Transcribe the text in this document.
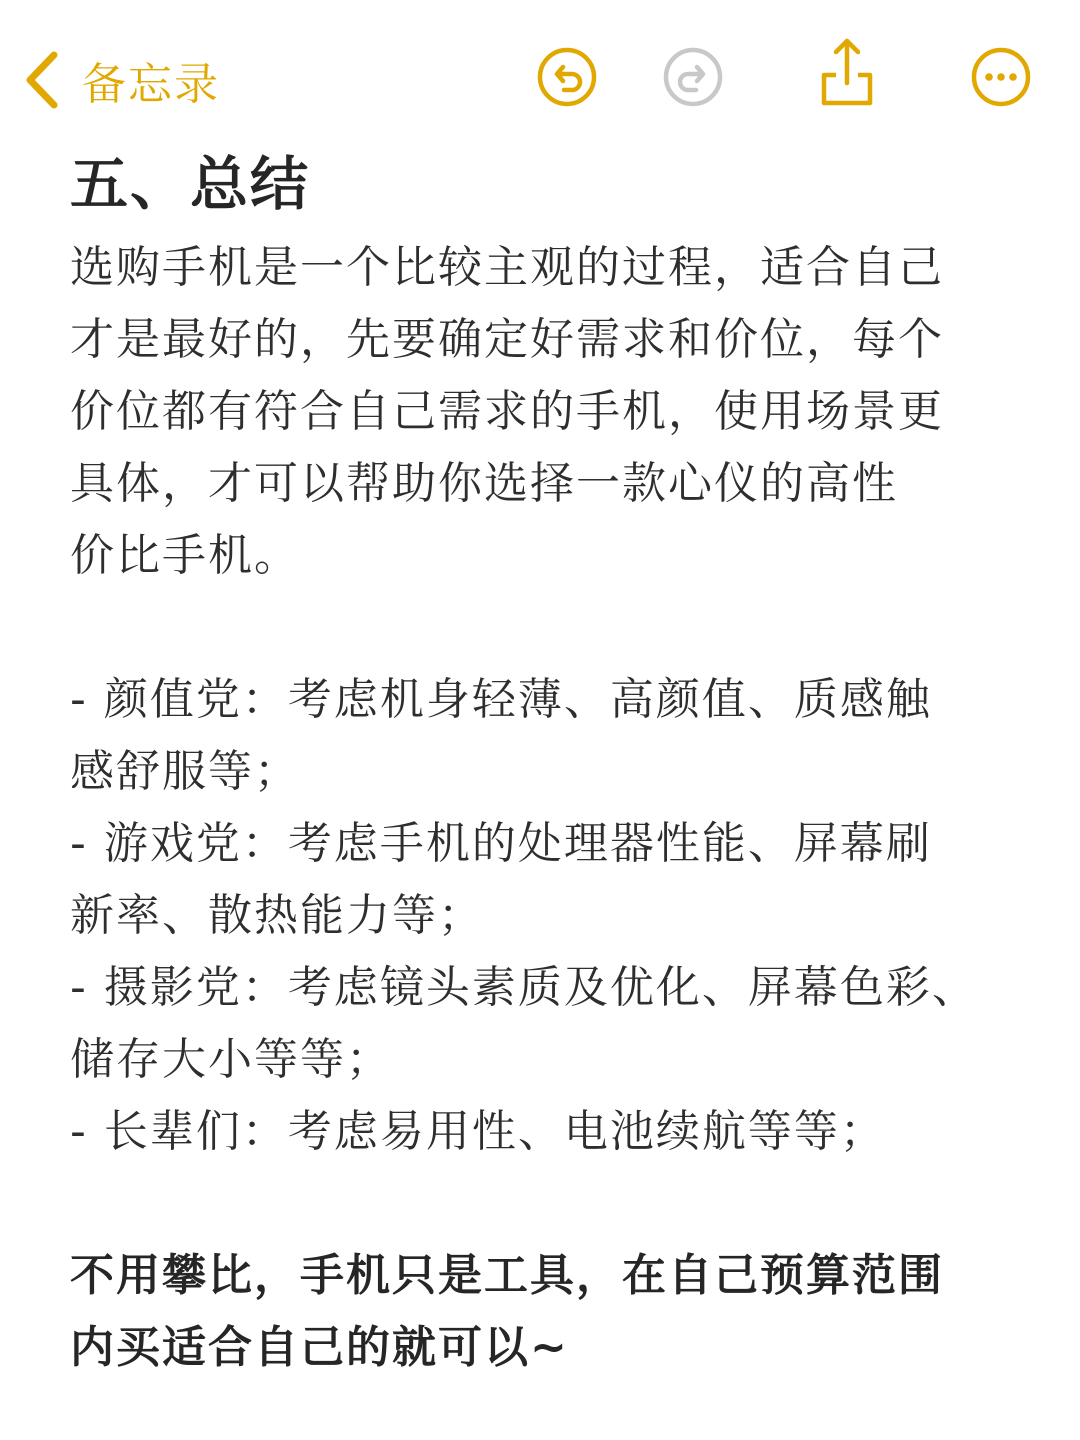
备忘录
五、总结

选购手机是一个比较主观的过程，适合自己

才是最好的，先要确定好需求和价位，每个

价位都有符合自己需求的手机，使用场景更

具体，才可以帮助你选择一款心仪的高性

价比手机。

- 颜值党：考虑机身轻薄、高颜值、质感触

感舒服等；

- 游戏党：考虑手机的处理器性能、屏幕刷

新率、散热能力等；

- 摄影党：考虑镜头素质及优化、屏幕色彩、

储存大小等等；

- 长辈们：考虑易用性、电池续航等等；

不用攀比，手机只是工具，在自己预算范围

内买适合自己的就可以~
